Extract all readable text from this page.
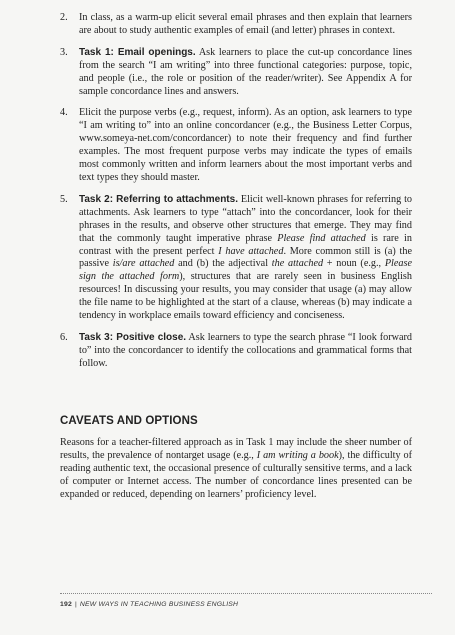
2. In class, as a warm-up elicit several email phrases and then explain that learners are about to study authentic examples of email (and letter) phrases in context.
3. Task 1: Email openings. Ask learners to place the cut-up concordance lines from the search “I am writing” into three functional categories: purpose, topic, and people (i.e., the role or position of the reader/writer). See Appendix A for sample concordance lines and answers.
4. Elicit the purpose verbs (e.g., request, inform). As an option, ask learners to type “I am writing to” into an online concordancer (e.g., the Business Letter Corpus, www.someya-net.com/concordancer) to note their frequency and find further examples. The most frequent purpose verbs may indicate the types of emails most commonly written and inform learners about the most important verbs and text types they should master.
5. Task 2: Referring to attachments. Elicit well-known phrases for referring to attachments. Ask learners to type “attach” into the concordancer, look for their phrases in the results, and observe other structures that emerge. They may find that the commonly taught imperative phrase Please find attached is rare in contrast with the present perfect I have attached. More common still is (a) the passive is/are attached and (b) the adjectival the attached + noun (e.g., Please sign the attached form), structures that are rarely seen in business English resources! In discussing your results, you may consider that usage (a) may allow the file name to be highlighted at the start of a clause, whereas (b) may indicate a tendency in workplace emails toward efficiency and conciseness.
6. Task 3: Positive close. Ask learners to type the search phrase “I look forward to” into the concordancer to identify the collocations and grammatical forms that follow.
CAVEATS AND OPTIONS

Reasons for a teacher-filtered approach as in Task 1 may include the sheer number of results, the prevalence of nontarget usage (e.g., I am writing a book), the difficulty of reading authentic text, the occasional presence of culturally sensitive terms, and a lack of computer or Internet access. The number of concordance lines presented can be expanded or reduced, depending on learners’ proficiency level.

192 | NEW WAYS IN TEACHING BUSINESS ENGLISH
